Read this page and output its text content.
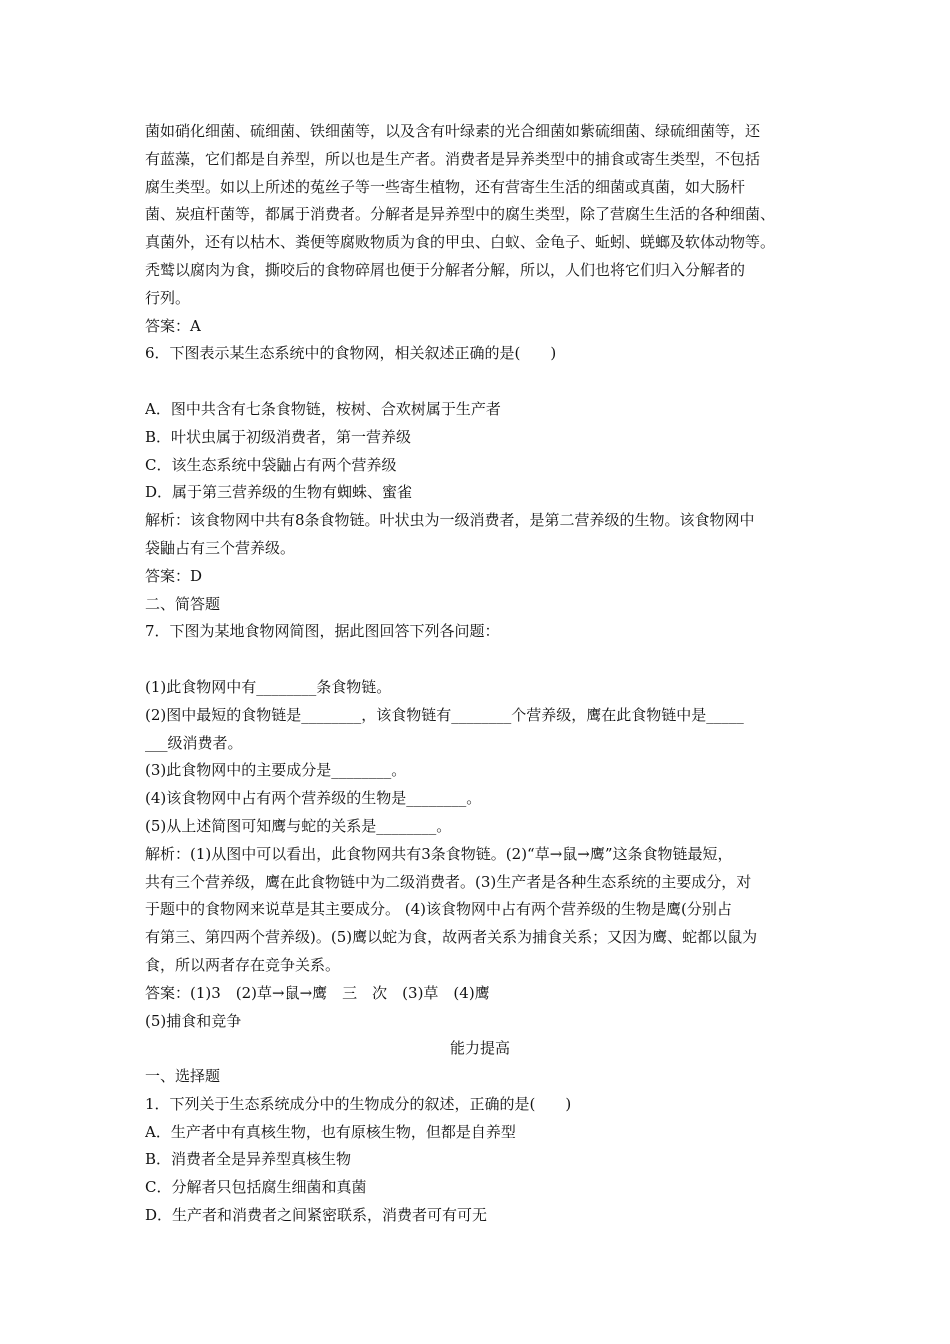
菌如硝化细菌、硫细菌、铁细菌等，以及含有叶绿素的光合细菌如紫硫细菌、绿硫细菌等，还
有蓝藻，它们都是自养型，所以也是生产者。消费者是异养类型中的捕食或寄生类型，不包括
腐生类型。如以上所述的菟丝子等一些寄生植物，还有营寄生生活的细菌或真菌，如大肠杆
菌、炭疽杆菌等，都属于消费者。分解者是异养型中的腐生类型，除了营腐生生活的各种细菌、
真菌外，还有以枯木、粪便等腐败物质为食的甲虫、白蚁、金龟子、蚯蚓、蜣螂及软体动物等。
秃鹫以腐肉为食，撕咬后的食物碎屑也便于分解者分解，所以，人们也将它们归入分解者的
行列。
答案：A
6．下图表示某生态系统中的食物网，相关叙述正确的是(　　)
A．图中共含有七条食物链，桉树、合欢树属于生产者
B．叶状虫属于初级消费者，第一营养级
C．该生态系统中袋鼬占有两个营养级
D．属于第三营养级的生物有蜘蛛、蜜雀
解析：该食物网中共有8条食物链。叶状虫为一级消费者，是第二营养级的生物。该食物网中
袋鼬占有三个营养级。
答案：D
二、简答题
7．下图为某地食物网简图，据此图回答下列各问题：
(1)此食物网中有________条食物链。
(2)图中最短的食物链是________，该食物链有________个营养级，鹰在此食物链中是_____
___级消费者。
(3)此食物网中的主要成分是________。
(4)该食物网中占有两个营养级的生物是________。
(5)从上述简图可知鹰与蛇的关系是________。
解析：(1)从图中可以看出，此食物网共有3条食物链。(2)“草→鼠→鹰”这条食物链最短，
共有三个营养级，鹰在此食物链中为二级消费者。(3)生产者是各种生态系统的主要成分，对
于题中的食物网来说草是其主要成分。 (4)该食物网中占有两个营养级的生物是鹰(分别占
有第三、第四两个营养级)。(5)鹰以蛇为食，故两者关系为捕食关系；又因为鹰、蛇都以鼠为
食，所以两者存在竞争关系。
答案：(1)3　(2)草→鼠→鹰　三　次　(3)草　(4)鹰
(5)捕食和竞争
能力提高
一、选择题
1．下列关于生态系统成分中的生物成分的叙述，正确的是(　　)
A．生产者中有真核生物，也有原核生物，但都是自养型
B．消费者全是异养型真核生物
C．分解者只包括腐生细菌和真菌
D．生产者和消费者之间紧密联系，消费者可有可无
